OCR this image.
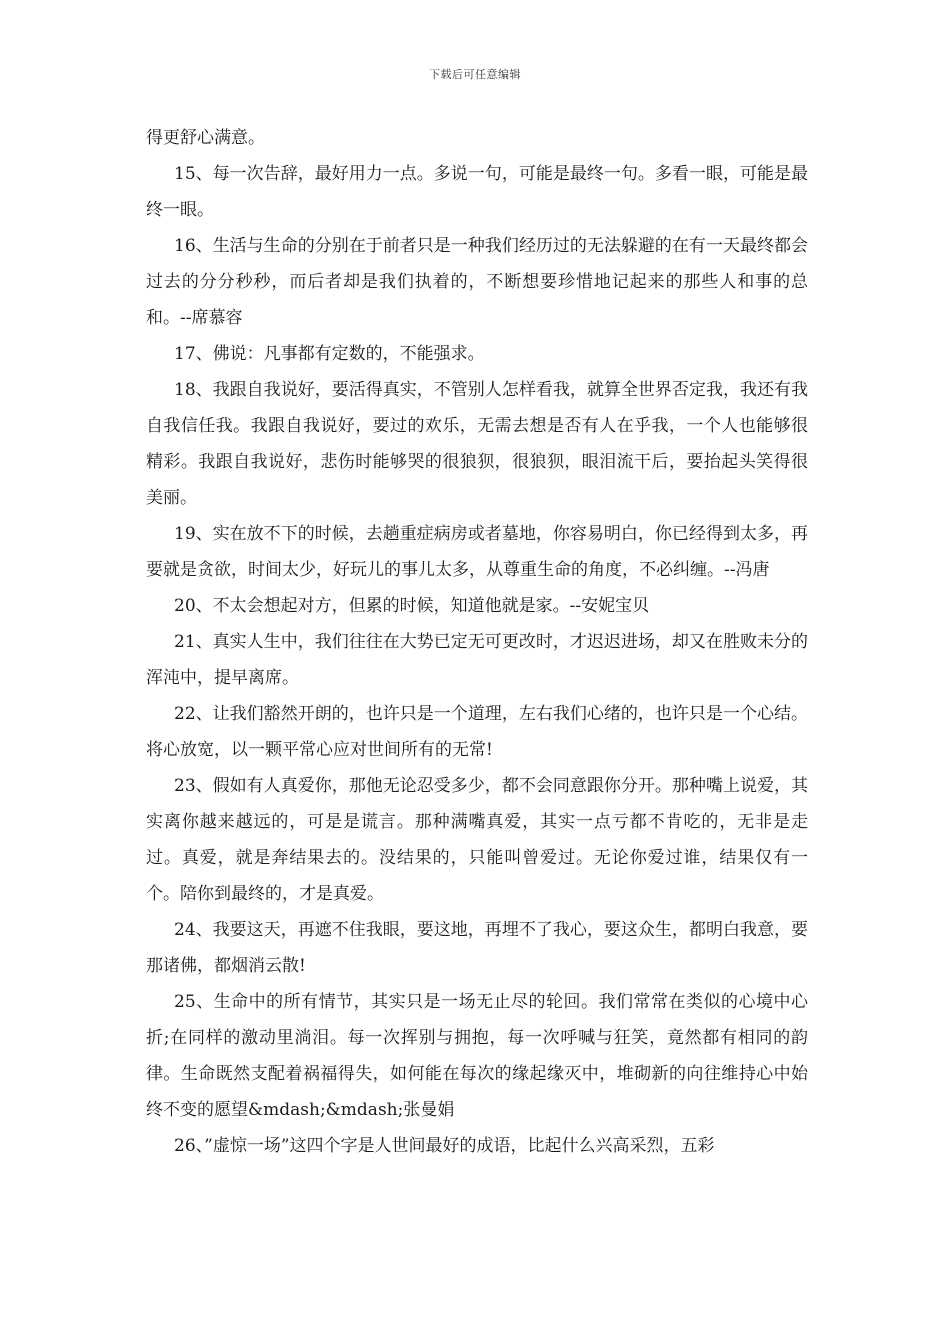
下载后可任意编辑

得更舒心满意。

15、每一次告辞，最好用力一点。多说一句，可能是最终一句。多看一眼，可能是最终一眼。

16、生活与生命的分别在于前者只是一种我们经历过的无法躲避的在有一天最终都会过去的分分秒秒，而后者却是我们执着的，不断想要珍惜地记起来的那些人和事的总和。--席慕容

17、佛说：凡事都有定数的，不能强求。

18、我跟自我说好，要活得真实，不管别人怎样看我，就算全世界否定我，我还有我自我信任我。我跟自我说好，要过的欢乐，无需去想是否有人在乎我，一个人也能够很精彩。我跟自我说好，悲伤时能够哭的很狼狈，很狼狈，眼泪流干后，要抬起头笑得很美丽。

19、实在放不下的时候，去趟重症病房或者墓地，你容易明白，你已经得到太多，再要就是贪欲，时间太少，好玩儿的事儿太多，从尊重生命的角度，不必纠缠。--冯唐

20、不太会想起对方，但累的时候，知道他就是家。--安妮宝贝

21、真实人生中，我们往往在大势已定无可更改时，才迟迟进场，却又在胜败未分的浑沌中，提早离席。

22、让我们豁然开朗的，也许只是一个道理，左右我们心绪的，也许只是一个心结。将心放宽，以一颗平常心应对世间所有的无常!

23、假如有人真爱你，那他无论忍受多少，都不会同意跟你分开。那种嘴上说爱，其实离你越来越远的，可是是谎言。那种满嘴真爱，其实一点亏都不肯吃的，无非是走过。真爱，就是奔结果去的。没结果的，只能叫曾爱过。无论你爱过谁，结果仅有一个。陪你到最终的，才是真爱。

24、我要这天，再遮不住我眼，要这地，再埋不了我心，要这众生，都明白我意，要那诸佛，都烟消云散!

25、生命中的所有情节，其实只是一场无止尽的轮回。我们常常在类似的心境中心折;在同样的激动里淌泪。每一次挥别与拥抱，每一次呼喊与狂笑，竟然都有相同的韵律。生命既然支配着祸福得失，如何能在每次的缘起缘灭中，堆砌新的向往维持心中始终不变的愿望&mdash;&mdash;张曼娟

26、”虚惊一场”这四个字是人世间最好的成语，比起什么兴高采烈，五彩
